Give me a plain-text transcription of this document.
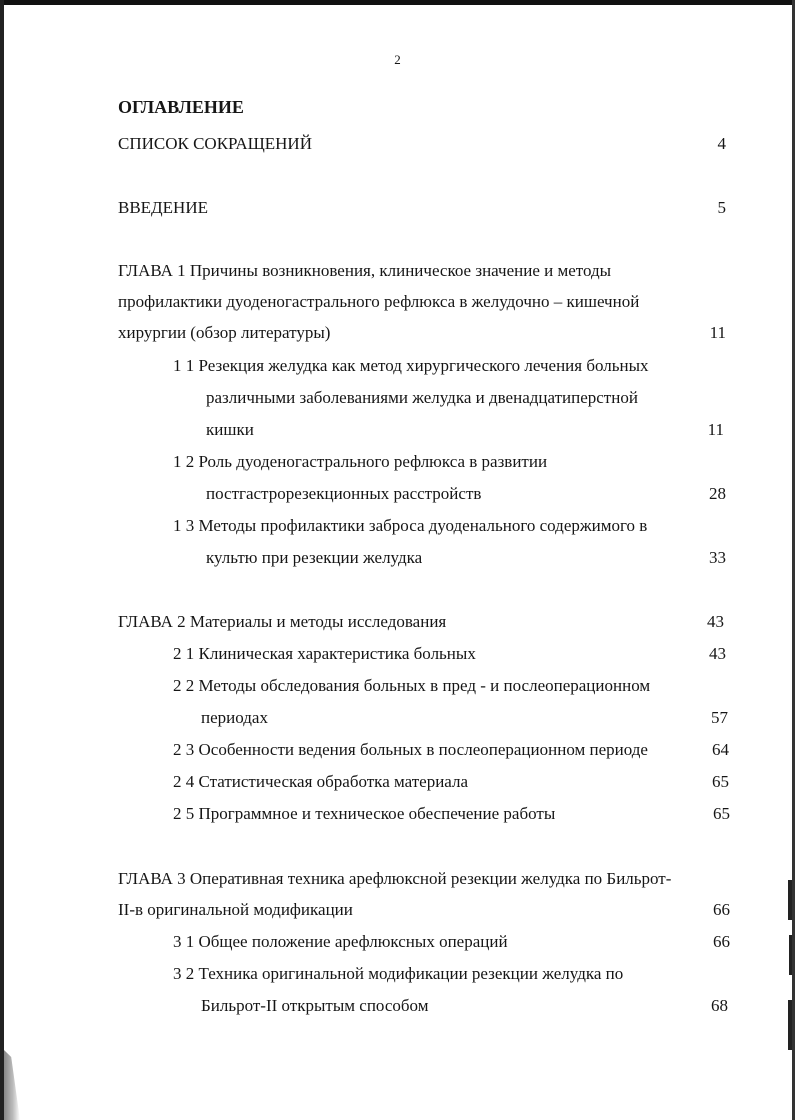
2
ОГЛАВЛЕНИЕ
СПИСОК СОКРАЩЕНИЙ	4
ВВЕДЕНИЕ	5
ГЛАВА 1 Причины возникновения, клиническое значение и методы
профилактики дуоденогастрального рефлюкса в желудочно – кишечной
хирургии (обзор литературы)	11
1 1 Резекция желудка как метод хирургического лечения больных
различными заболеваниями желудка и двенадцатиперстной
кишки	11
1 2 Роль дуоденогастрального рефлюкса в развитии
постгастрорезекционных расстройств	28
1 3 Методы профилактики заброса дуоденального содержимого в
культю при резекции желудка	33
ГЛАВА 2 Материалы и методы исследования	43
2 1 Клиническая характеристика больных	43
2 2 Методы обследования больных в пред - и послеоперационном
периодах	57
2 3 Особенности ведения больных в послеоперационном периоде	64
2 4 Статистическая обработка материала	65
2 5 Программное и техническое обеспечение работы	65
ГЛАВА 3 Оперативная техника арефлюксной резекции желудка по Бильрот-
II-в оригинальной модификации	66
3 1 Общее положение арефлюксных операций	66
3 2 Техника оригинальной модификации резекции желудка по
Бильрот-II открытым способом	68
